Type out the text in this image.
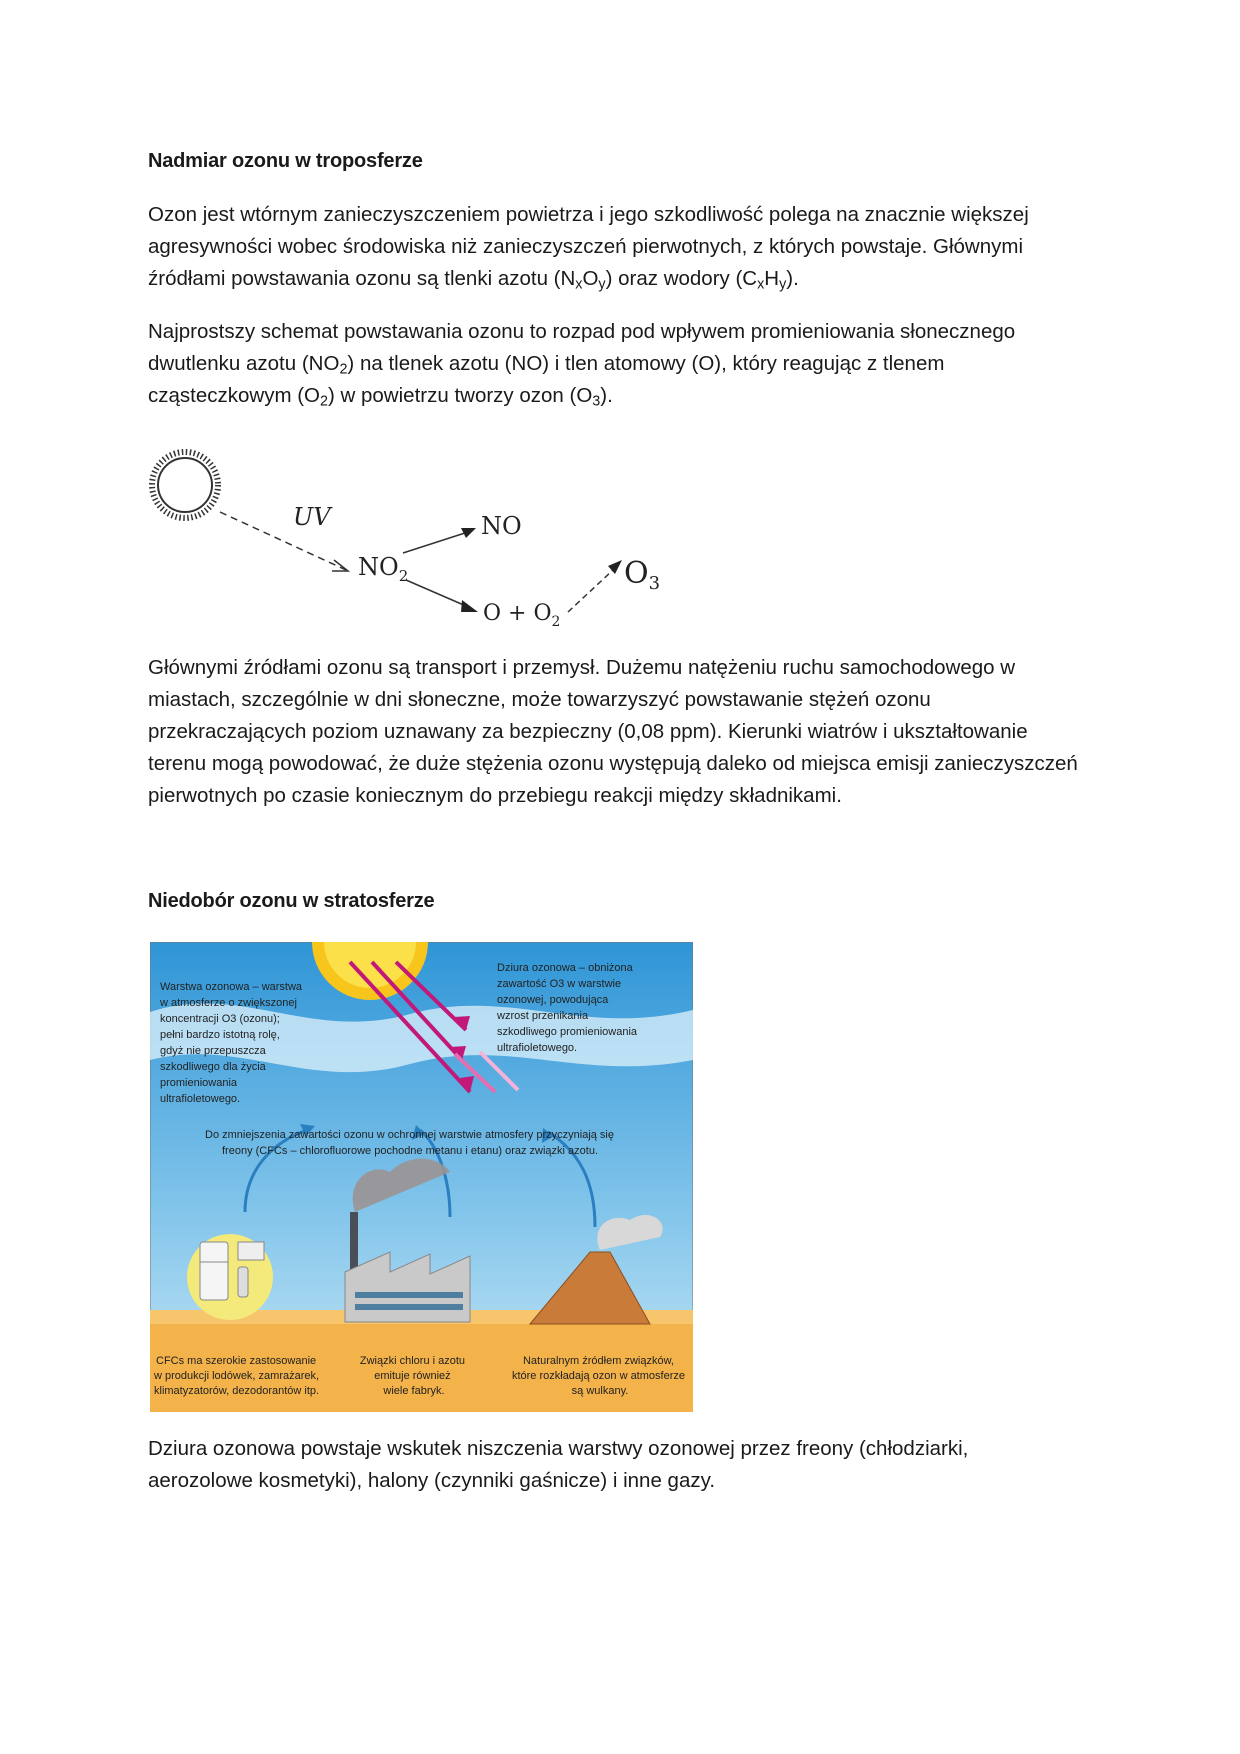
Nadmiar ozonu w troposferze
Ozon jest wtórnym zanieczyszczeniem powietrza i jego szkodliwość polega na znacznie większej
agresywności wobec środowiska niż zanieczyszczeń pierwotnych, z których powstaje. Głównymi
źródłami powstawania ozonu są tlenki azotu $(N_xO_y)$ oraz wodory $(C_xH_y)$.
Najprostszy schemat powstawania ozonu to rozpad pod wpływem promieniowania słonecznego
dwutlenku azotu $(NO_2)$ na tlenek azotu (NO) i tlen atomowy (O), który reagując z tlenem
cząsteczkowym $(O_2)$ w powietrzu tworzy ozon $(O_3)$.
UV
$NO_2$
NO
$O + O_2$
$O_3$
Głównymi źródłami ozonu są transport i przemysł. Dużemu natężeniu ruchu samochodowego w
miastach, szczególnie w dni słoneczne, może towarzyszyć powstawanie stężeń ozonu
przekraczających poziom uznawany za bezpieczny (0,08 ppm). Kierunki wiatrów i ukształtowanie
terenu mogą powodować, że duże stężenia ozonu występują daleko od miejsca emisji zanieczyszczeń
pierwotnych po czasie koniecznym do przebiegu reakcji między składnikami.
Niedobór ozonu w stratosferze
Warstwa ozonowa – warstwa w atmosferze o zwiększonej koncentracji O3 (ozonu); pełni bardzo istotną rolę, gdyż nie przepuszcza szkodliwego dla życia promieniowania ultrafioletowego.
Dziura ozonowa – obniżona zawartość O3 w warstwie ozonowej, powodująca wzrost przenikania szkodliwego promieniowania ultrafioletowego.
Do zmniejszenia zawartości ozonu w ochronnej warstwie atmosfery przyczyniają się freony (CFCs – chlorofluorowe pochodne metanu i etanu) oraz związki azotu.
CFCs ma szerokie zastosowanie w produkcji lodówek, zamrażarek, klimatyzatorów, dezodorantów itp.
Związki chloru i azotu emituje również wiele fabryk.
Naturalnym źródłem związków, które rozkładają ozon w atmosferze są wulkany.
Dziura ozonowa powstaje wskutek niszczenia warstwy ozonowej przez freony (chłodziarki,
aerozolowe kosmetyki), halony (czynniki gaśnicze) i inne gazy.
